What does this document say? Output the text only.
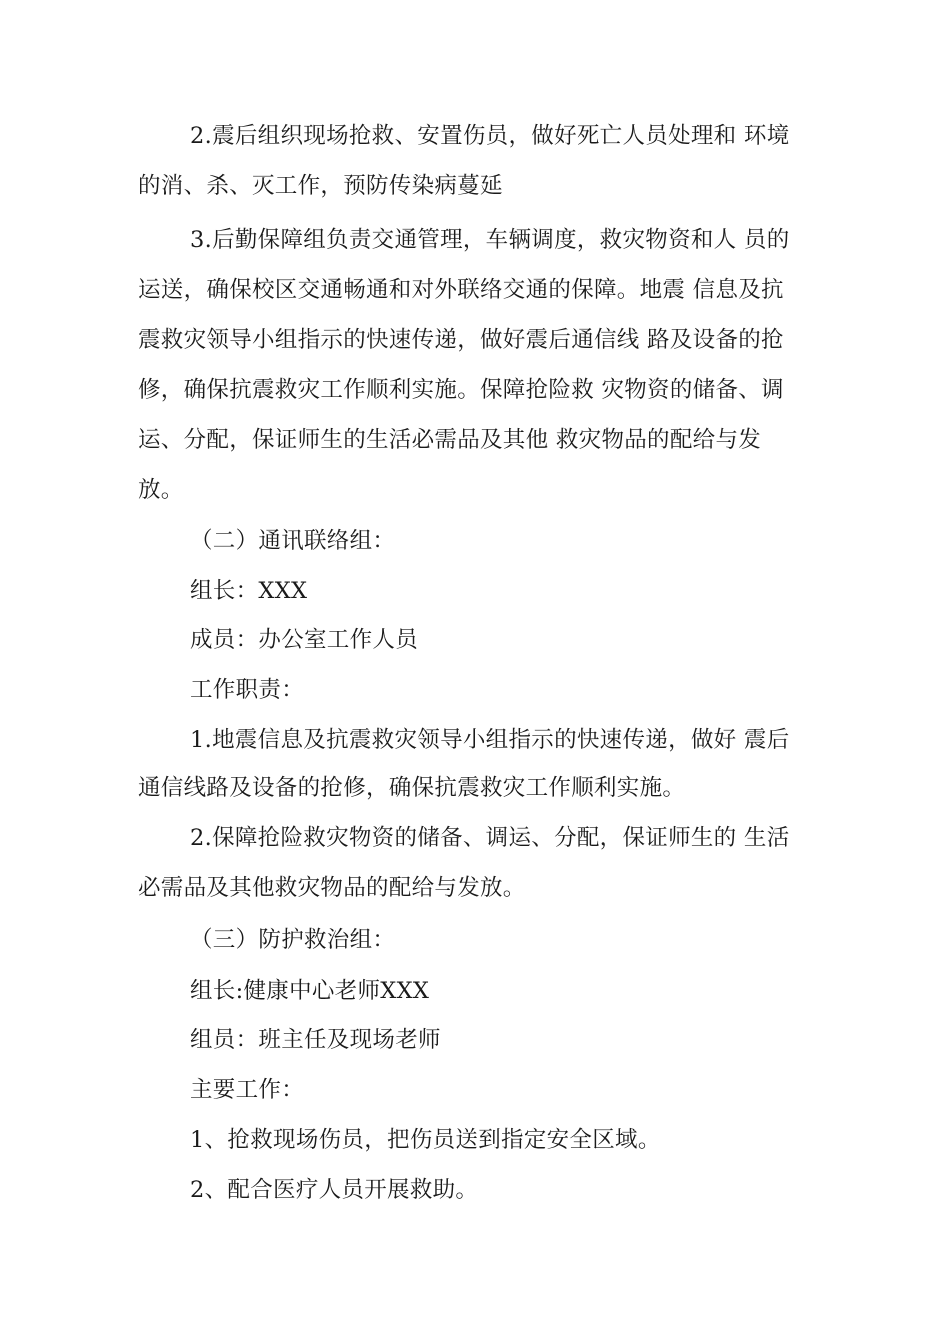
2.震后组织现场抢救、安置伤员，做好死亡人员处理和 环境
的消、杀、灭工作，预防传染病蔓延
3.后勤保障组负责交通管理，车辆调度，救灾物资和人 员的
运送，确保校区交通畅通和对外联络交通的保障。地震 信息及抗
震救灾领导小组指示的快速传递，做好震后通信线 路及设备的抢
修，确保抗震救灾工作顺利实施。保障抢险救 灾物资的储备、调
运、分配，保证师生的生活必需品及其他 救灾物品的配给与发
放。
（二）通讯联络组：
组长：XXX
成员：办公室工作人员
工作职责：
1.地震信息及抗震救灾领导小组指示的快速传递，做好 震后
通信线路及设备的抢修，确保抗震救灾工作顺利实施。
2.保障抢险救灾物资的储备、调运、分配，保证师生的 生活
必需品及其他救灾物品的配给与发放。
（三）防护救治组：
组长:健康中心老师XXX
组员：班主任及现场老师
主要工作：
1、抢救现场伤员，把伤员送到指定安全区域。
2、配合医疗人员开展救助。
